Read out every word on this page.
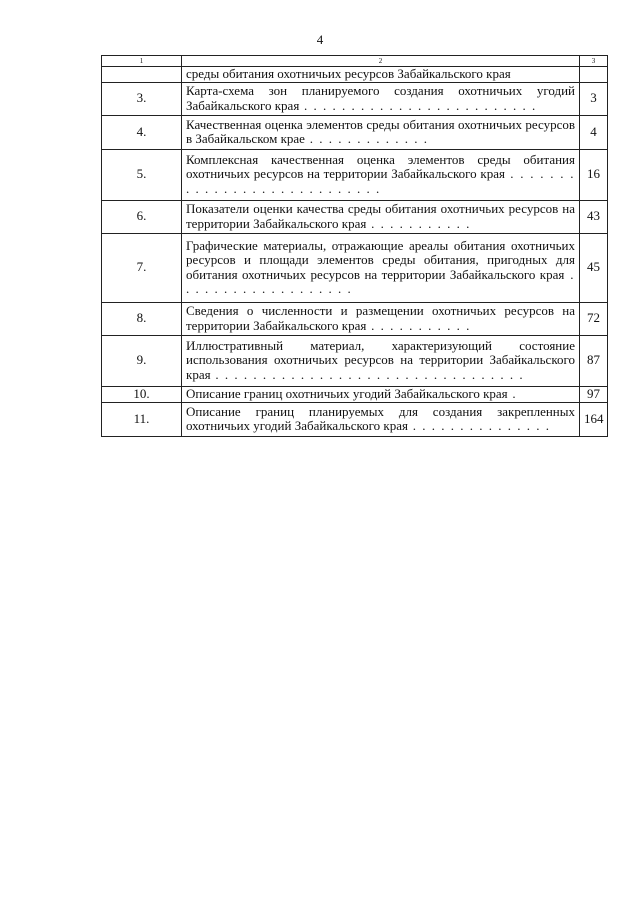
4
1	2	3
	среды обитания охотничьих ресурсов Забайкальского края	
3.	Карта-схема зон планируемого создания охотничьих угодий Забайкальского края . . . . . . . . . . . . . . . . . . . . . . . . .	3
4.	Качественная оценка элементов среды обитания охотничьих ресурсов в Забайкальском крае . . . . . . . . . . . . .	4
5.	Комплексная качественная оценка элементов среды обитания охотничьих ресурсов на территории Забайкальского края . . . . . . . . . . . . . . . . . . . . . . . . . . . .	16
6.	Показатели оценки качества среды обитания охотничьих ресурсов на территории Забайкальского края . . . . . . . . . . .	43
7.	Графические материалы, отражающие ареалы обитания охотничьих ресурсов и площади элементов среды обитания, пригодных для обитания охотничьих ресурсов на территории Забайкальского края . . . . . . . . . . . . . . . . . . .	45
8.	Сведения о численности и размещении охотничьих ресурсов на территории Забайкальского края . . . . . . . . . . .	72
9.	Иллюстративный материал, характеризующий состояние использования охотничьих ресурсов на территории Забайкальского края . . . . . . . . . . . . . . . . . . . . . . . . . . . . . . . . .	87
10.	Описание границ охотничьих угодий Забайкальского края .	97
11.	Описание границ планируемых для создания закрепленных охотничьих угодий Забайкальского края . . . . . . . . . . . . . . .	164
